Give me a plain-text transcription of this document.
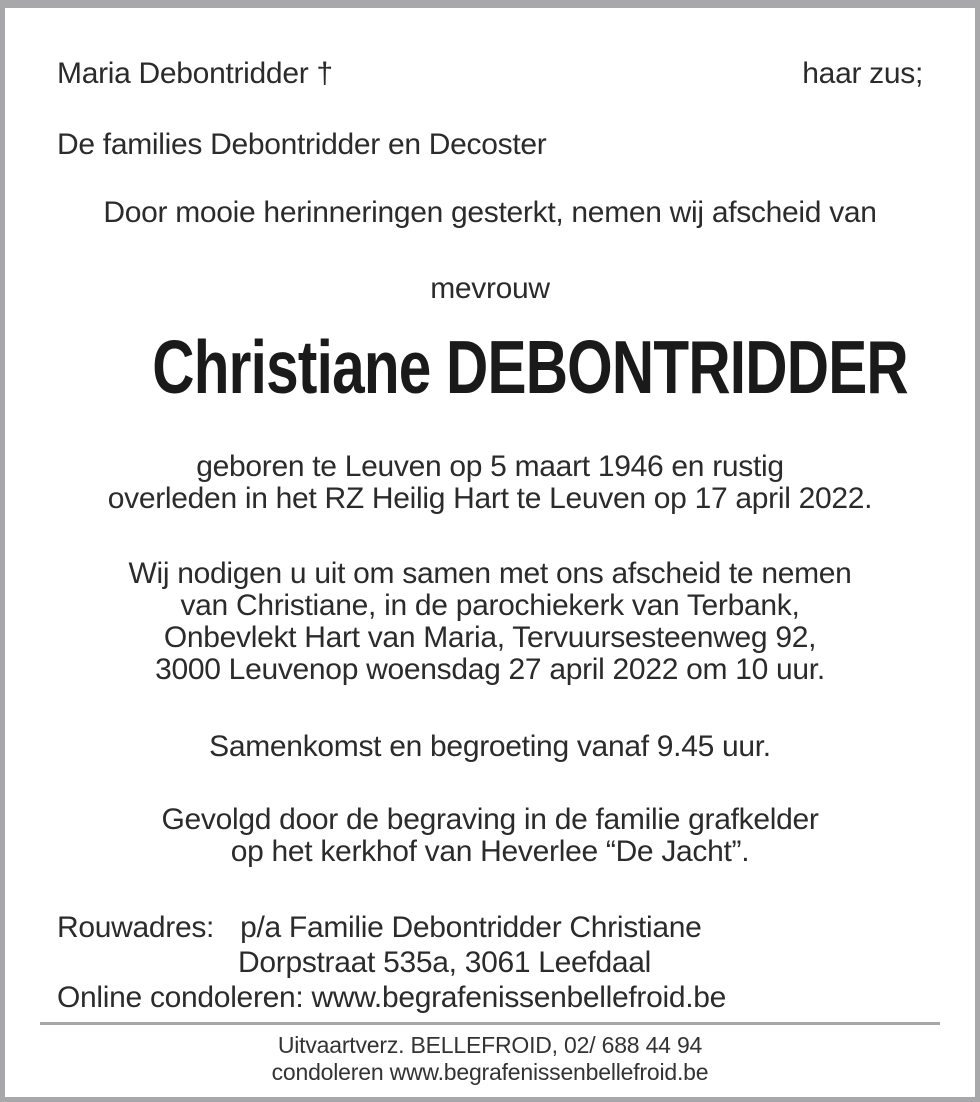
Maria Debontridder †	haar zus;
De families Debontridder en Decoster
Door mooie herinneringen gesterkt, nemen wij afscheid van
mevrouw
Christiane DEBONTRIDDER
geboren te Leuven op 5 maart 1946 en rustig
overleden in het RZ Heilig Hart te Leuven op 17 april 2022.
Wij nodigen u uit om samen met ons afscheid te nemen
van Christiane, in de parochiekerk van Terbank,
Onbevlekt Hart van Maria, Tervuursesteenweg 92,
3000 Leuvenop woensdag 27 april 2022 om 10 uur.
Samenkomst en begroeting vanaf 9.45 uur.
Gevolgd door de begraving in de familie grafkelder
op het kerkhof van Heverlee “De Jacht”.
Rouwadres: p/a Familie Debontridder Christiane
Dorpstraat 535a, 3061 Leefdaal
Online condoleren: www.begrafenissenbellefroid.be
Uitvaartverz. BELLEFROID, 02/ 688 44 94
condoleren www.begrafenissenbellefroid.be
